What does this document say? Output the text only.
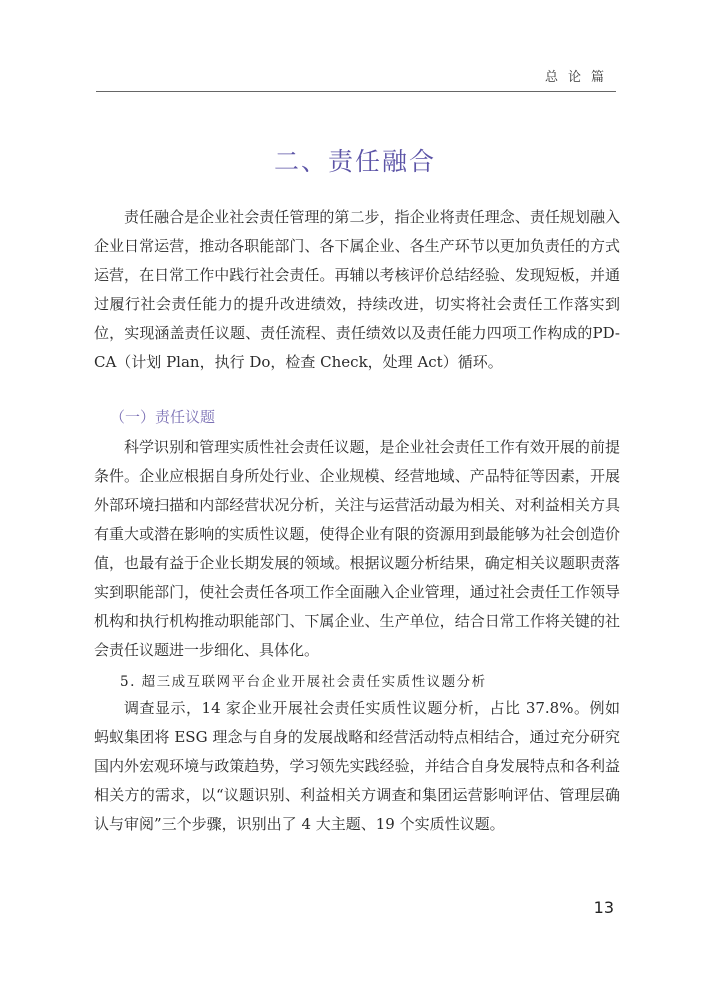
总论篇
二、责任融合

责任融合是企业社会责任管理的第二步，指企业将责任理念、责任规划融入企业日常运营，推动各职能部门、各下属企业、各生产环节以更加负责任的方式运营，在日常工作中践行社会责任。再辅以考核评价总结经验、发现短板，并通过履行社会责任能力的提升改进绩效，持续改进，切实将社会责任工作落实到位，实现涵盖责任议题、责任流程、责任绩效以及责任能力四项工作构成的PD-CA（计划 Plan，执行 Do，检查 Check，处理 Act）循环。

（一）责任议题

科学识别和管理实质性社会责任议题，是企业社会责任工作有效开展的前提条件。企业应根据自身所处行业、企业规模、经营地域、产品特征等因素，开展外部环境扫描和内部经营状况分析，关注与运营活动最为相关、对利益相关方具有重大或潜在影响的实质性议题，使得企业有限的资源用到最能够为社会创造价值，也最有益于企业长期发展的领域。根据议题分析结果，确定相关议题职责落实到职能部门，使社会责任各项工作全面融入企业管理，通过社会责任工作领导机构和执行机构推动职能部门、下属企业、生产单位，结合日常工作将关键的社会责任议题进一步细化、具体化。

5. 超三成互联网平台企业开展社会责任实质性议题分析

调查显示，14 家企业开展社会责任实质性议题分析，占比 37.8%。例如蚂蚁集团将 ESG 理念与自身的发展战略和经营活动特点相结合，通过充分研究国内外宏观环境与政策趋势，学习领先实践经验，并结合自身发展特点和各利益相关方的需求，以“议题识别、利益相关方调查和集团运营影响评估、管理层确认与审阅”三个步骤，识别出了 4 大主题、19 个实质性议题。

13
